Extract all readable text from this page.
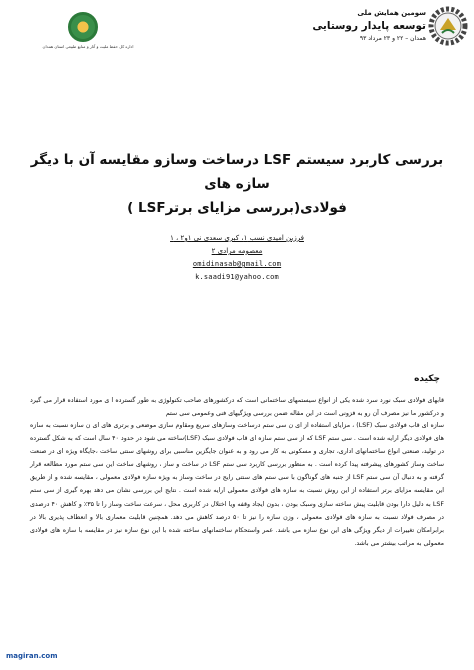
اداره کل حفظ ملیت و آثار و منابع طبیعی استان همدان
سومین همایش ملی
توسعه پایدار روستایی
همدان – ۲۲ و ۲۳ مرداد ۹۳
بررسی کاربرد سیستم LSF درساخت وسازو مقایسه آن با دیگر سازه های
فولادی(بررسی مزایای برترLSF )
فرزین امیدی نسب ۱، کبری سعدی نی ۱و۲ ، ۱
معصومه مرادی ۲
omidinasab@gmail.com
k.saadi91@yahoo.com
چکیده
قابهای فولادی سبک نورد سرد شده یکی از انواع سیستمهای ساختمانی است که درکشورهای صاحب تکنولوژی به طور گسترده ا ی مورد استفاده قرار می گیرد و درکشور ما نیز مصرف آن رو به فزونی است در این مقاله ضمن بررسی ویژگیهای فنی وعمومی سی ستم
سازه ای قاب فولادی سبک (LSF) ، مزایای استفاده از ای ن سی ستم درساخت وسازهای سریع ومقاوم سازی موضعی و برتری های ای ن سازه نسبت به سازه های فولادی دیگر ارایه شده است . سی ستم LSF که از سی ستم سازه ای قاب فولادی سبک (LSF)ساخته می شود در حدود ۴۰ سال است که به شکل گسترده در تولید، صنعتی انواع ساختمانهای اداری، تجاری و مسکونی به کار می رود و به عنوان جایگزین مناسبی برای روشهای سنتی ساخت ،جایگاه ویژه ای در صنعت ساخت وساز کشورهای پیشرفته پیدا کرده است . به منظور بررسی کاربرد سی ستم LSF در ساخت و ساز ، روشهای ساخت این سی ستم مورد مطالعه قرار گرفته و به دنبال آن سی ستم LSF از جنبه های گوناگون با سی ستم های سنتی رایج در ساخت وساز به ویژه سازه فولادی معمولی ، مقایسه شده و از طریق این مقایسه مزایای برتر استفاده از این روش نسبت به سازه های فولادی معمولی ارایه شده است . نتایج این بررسی نشان می دهد بهره گیری از سی ستم LSF به دلیل دارا بودن قابلیت پیش ساخته سازی وسبک بودن ، بدون ایجاد وقفه ویا اختلال در کاربری محل ، سرعت ساخت وساز را تا ۳۵٪ و کاهش ۴۰ درصدی در مصرف فولاد نسبت به سازه های فولادی معمولی ، وزن سازه را نیز تا ۵۰ درصد کاهش می دهد. همچنین قابلیت معماری بالا و انعطاف پذیری بالا در برابرامکان تغییرات از دیگر ویژگی های این نوع سازه می باشد. عمر واستحکام ساختمانهای ساخته شده با این نوع سازه نیز در مقایسه با سازه های فولادی معمولی به مراتب بیشتر می باشد.
magiran.com
